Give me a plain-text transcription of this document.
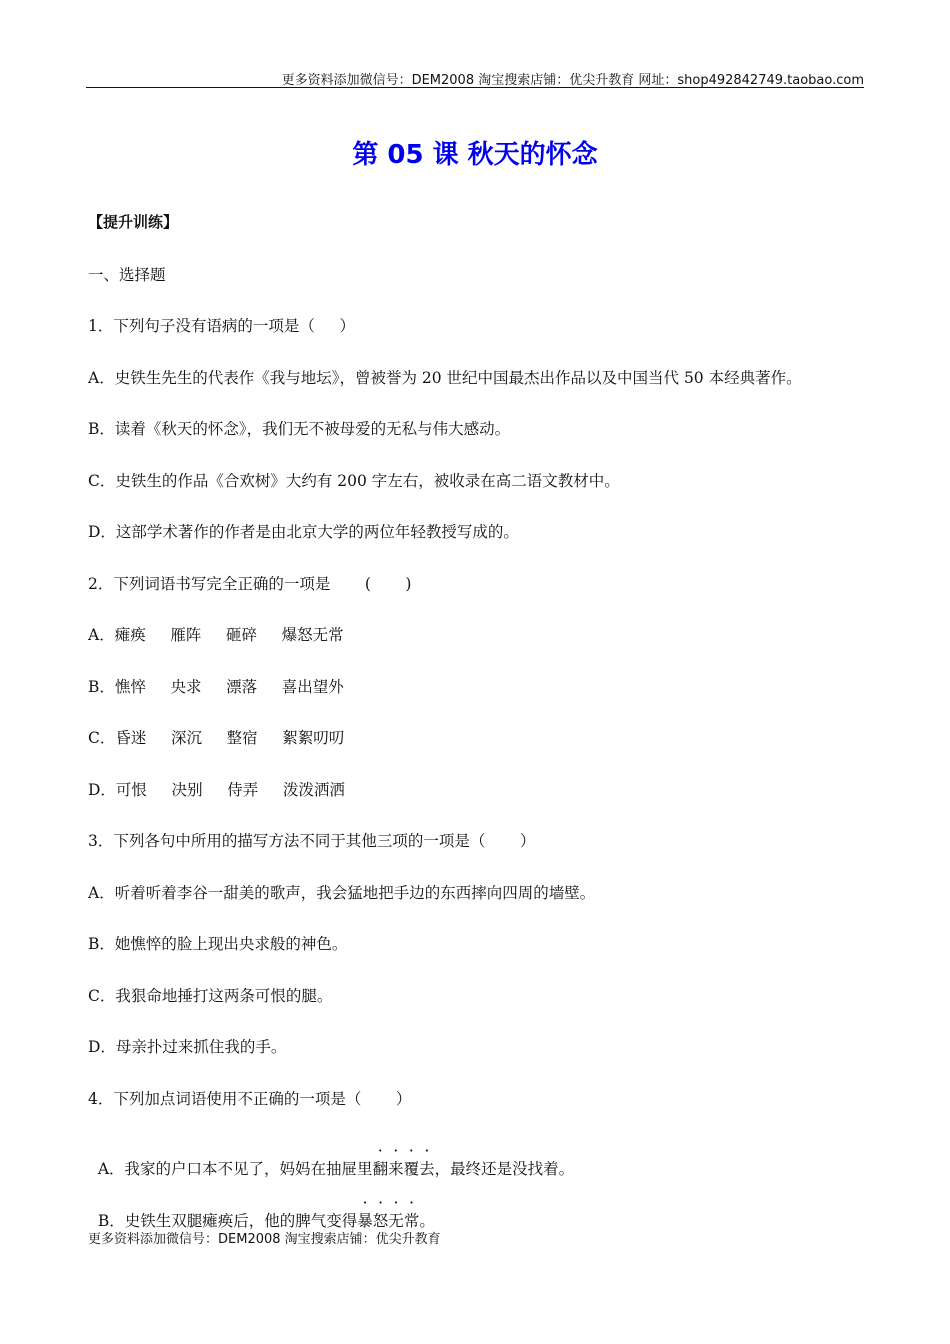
更多资料添加微信号：DEM2008 淘宝搜索店铺：优尖升教育 网址：shop492842749.taobao.com
第 05 课 秋天的怀念
【提升训练】
一、选择题
1．下列句子没有语病的一项是（     ）
A．史铁生先生的代表作《我与地坛》，曾被誉为 20 世纪中国最杰出作品以及中国当代 50 本经典著作。
B．读着《秋天的怀念》，我们无不被母爱的无私与伟大感动。
C．史铁生的作品《合欢树》大约有 200 字左右，被收录在高二语文教材中。
D．这部学术著作的作者是由北京大学的两位年轻教授写成的。
2．下列词语书写完全正确的一项是       (       )
A．瘫痪     雁阵     砸碎     爆怒无常
B．憔悴     央求     漂落     喜出望外
C．昏迷     深沉     整宿     絮絮叨叨
D．可恨     决别     侍弄     泼泼洒洒
3．下列各句中所用的描写方法不同于其他三项的一项是（       ）
A．听着听着李谷一甜美的歌声，我会猛地把手边的东西摔向四周的墙壁。
B．她憔悴的脸上现出央求般的神色。
C．我狠命地捶打这两条可恨的腿。
D．母亲扑过来抓住我的手。
4．下列加点词语使用不正确的一项是（       ）

A．我家的户口本不见了，妈妈在抽屉里翻来覆去，最终还是没找着。

B．史铁生双腿瘫痪后，他的脾气变得暴怒无常。

更多资料添加微信号：DEM2008 淘宝搜索店铺：优尖升教育
